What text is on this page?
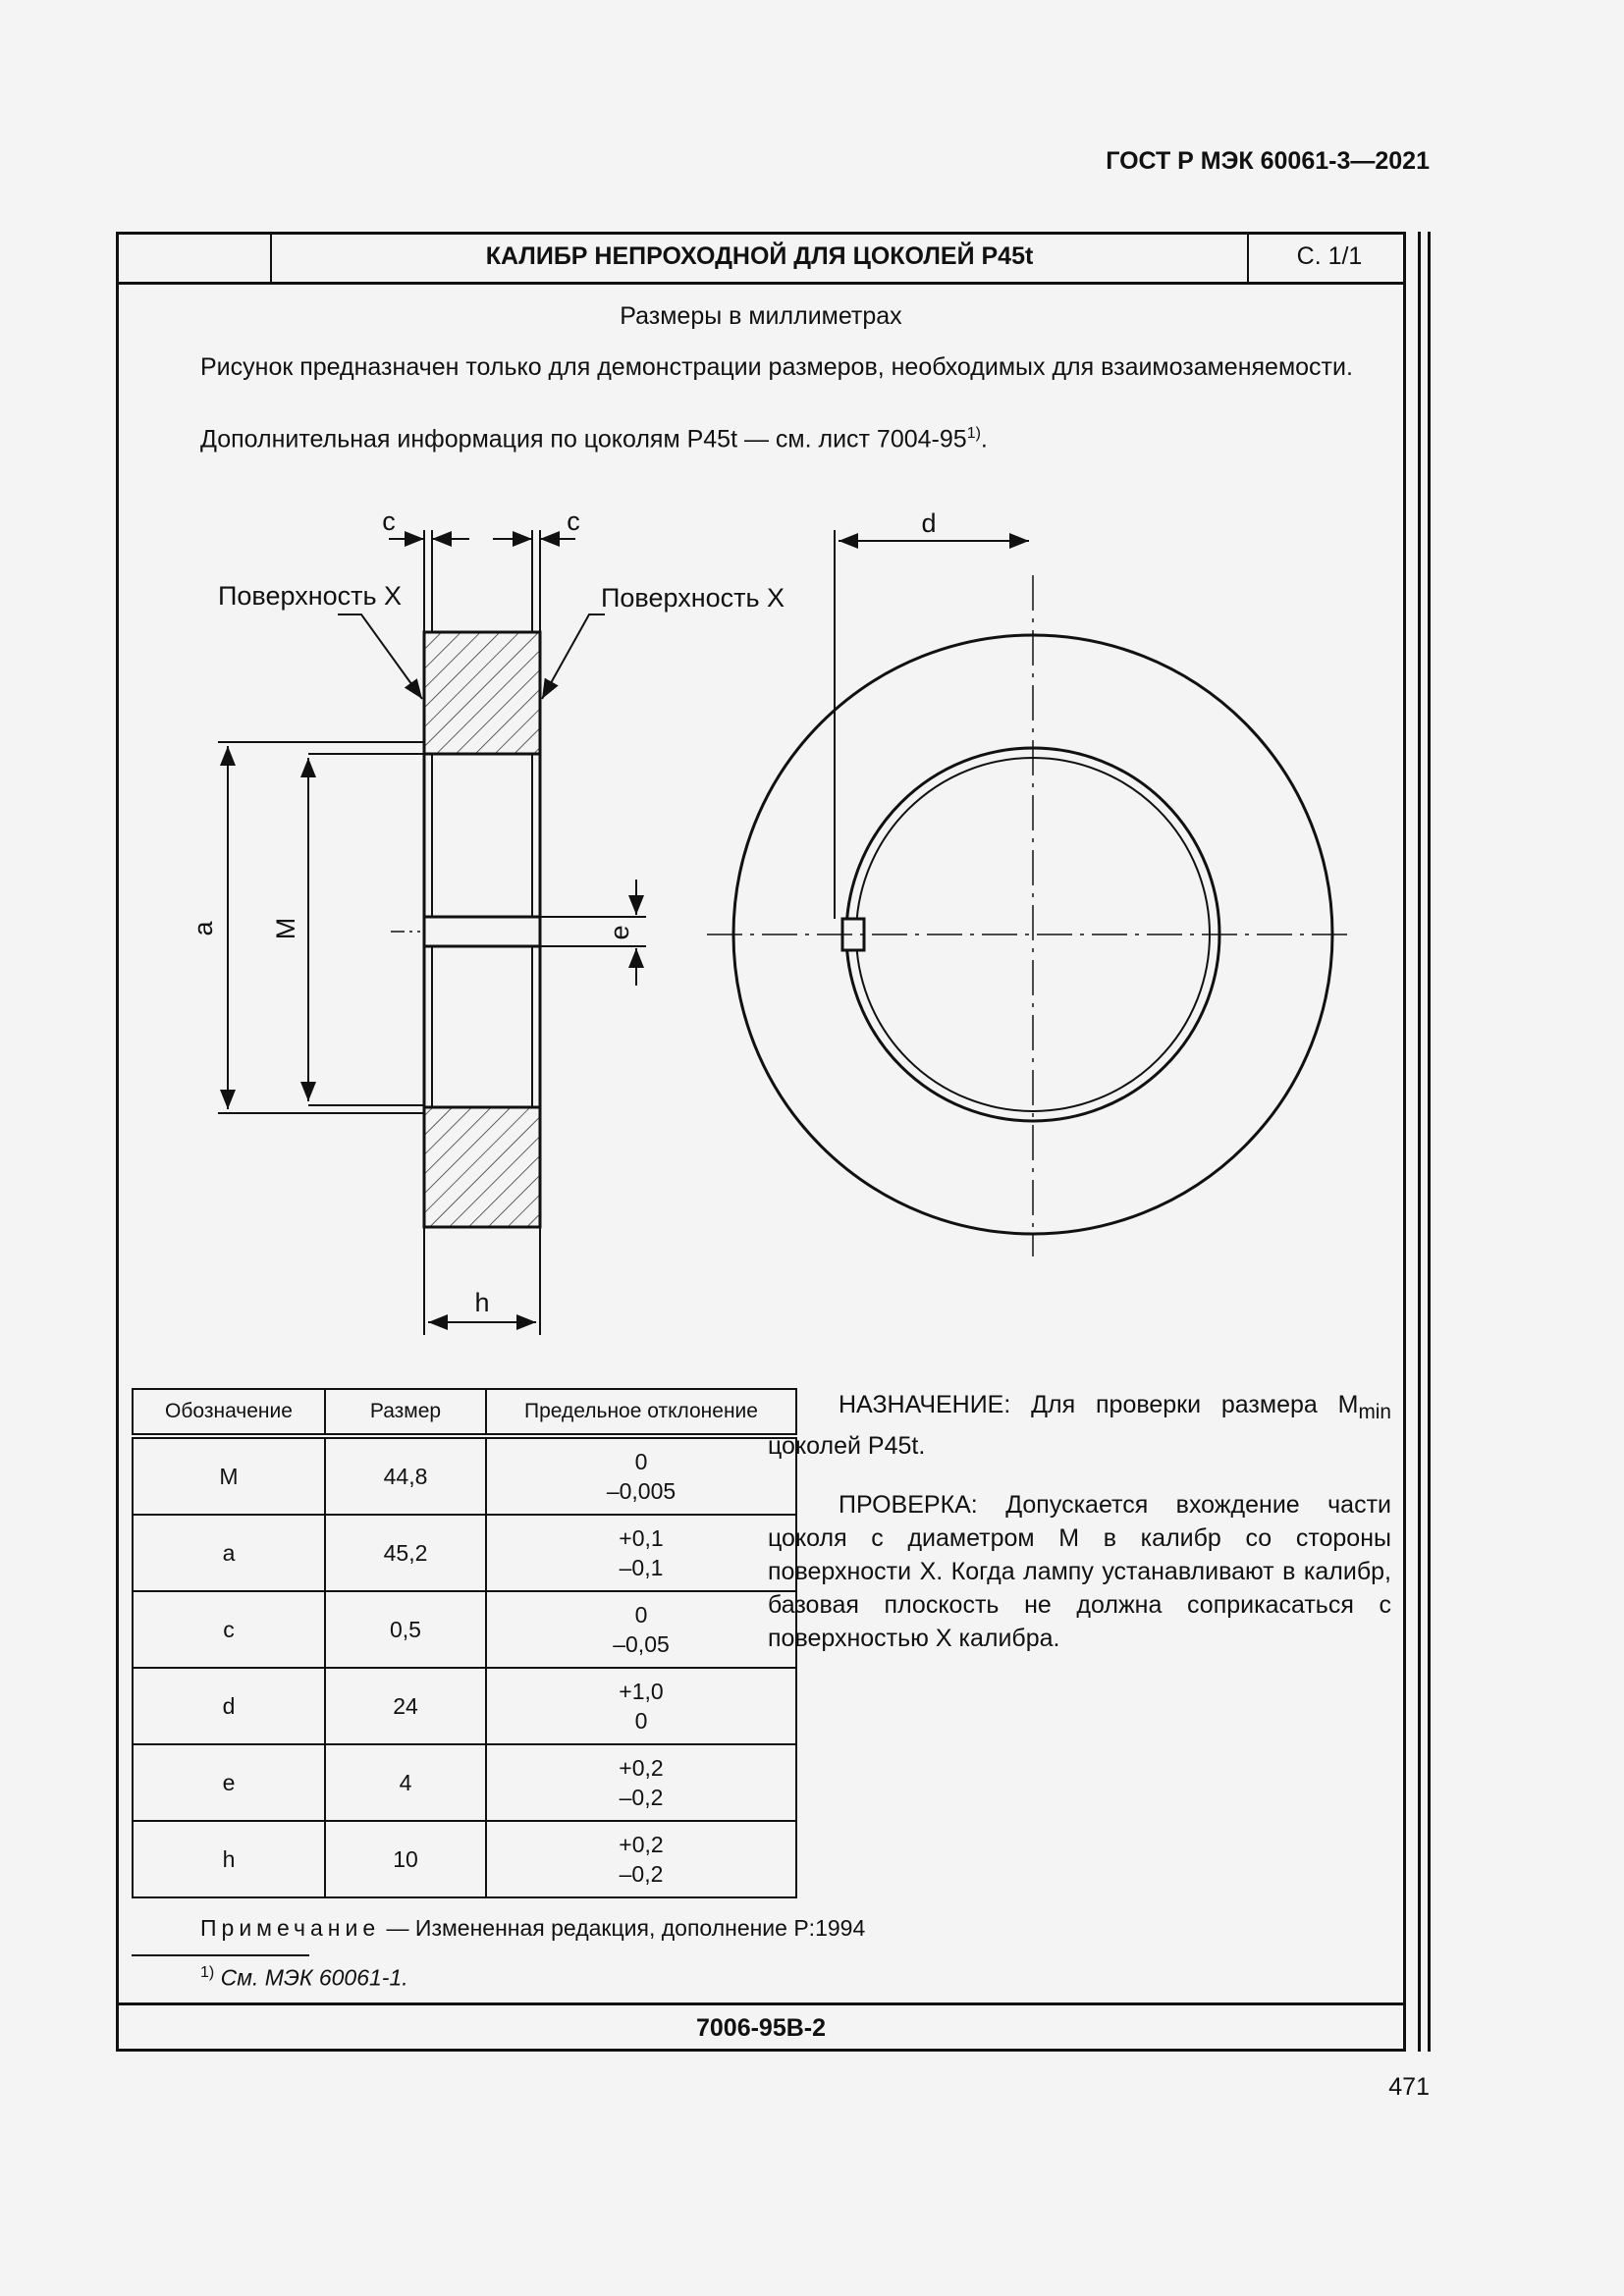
ГОСТ Р МЭК 60061-3—2021
КАЛИБР НЕПРОХОДНОЙ ДЛЯ ЦОКОЛЕЙ P45t	С. 1/1
Размеры в миллиметрах
Рисунок предназначен только для демонстрации размеров, необходимых для взаимозаменяемости.
Дополнительная информация по цоколям P45t — см. лист 7004-95$^{1)}$.
c	c	d
Поверхность X	Поверхность X
a M	e
h
Обозначение	Размер	Предельное отклонение
M	44,8	0
–0,005
a	45,2	+0,1
–0,1
c	0,5	0
–0,05
d	24	+1,0
0
e	4	+0,2
–0,2
h	10	+0,2
–0,2

НАЗНАЧЕНИЕ: Для проверки размера $M_{min}$ цоколей P45t.

ПРОВЕРКА: Допускается вхождение части цоколя с диаметром M в калибр со стороны поверхности X. Когда лампу устанавливают в калибр, базовая плоскость не должна соприкасаться с поверхностью X калибра.

Примечание — Измененная редакция, дополнение P:1994
$^{1)}$ См. МЭК 60061-1.
7006-95B-2
471
